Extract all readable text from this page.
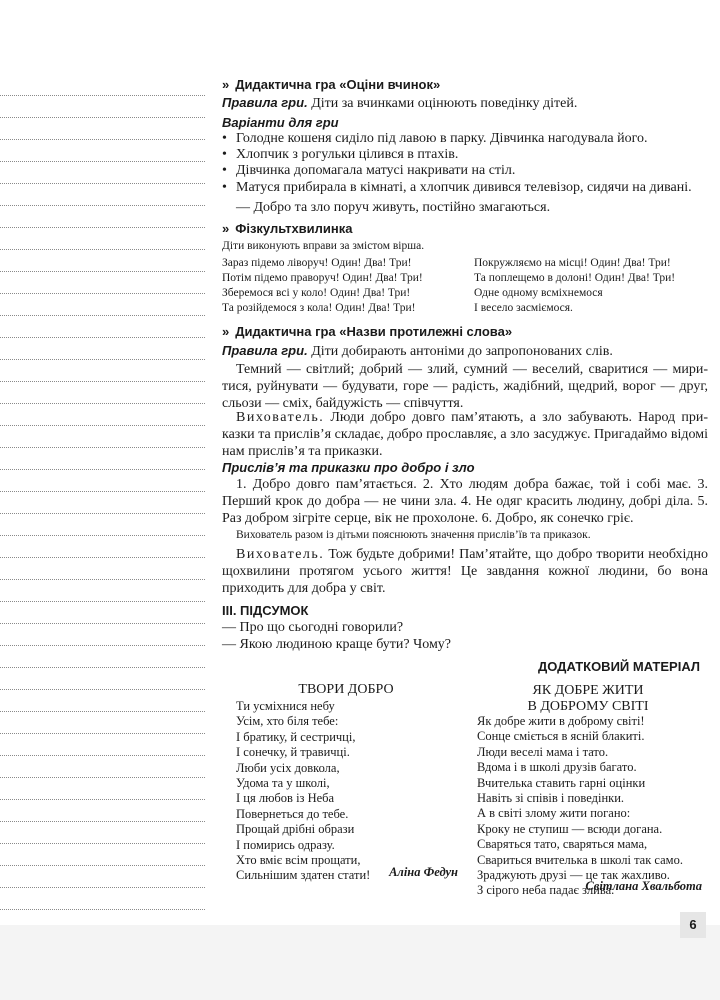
» Дидактична гра «Оціни вчинок»
Правила гри. Діти за вчинками оцінюють поведінку дітей.
Варіанти для гри
• Голодне кошеня сиділо під лавою в парку. Дівчинка нагодувала його.
• Хлопчик з рогульки цілився в птахів.
• Дівчинка допомагала матусі накривати на стіл.
• Матуся прибирала в кімнаті, а хлопчик дивився телевізор, сидячи на дивані.
— Добро та зло поруч живуть, постійно змагаються.
» Фізкультхвилинка
Діти виконують вправи за змістом вірша.
Зараз підемо ліворуч! Один! Два! Три!
Потім підемо праворуч! Один! Два! Три!
Зберемося всі у коло! Один! Два! Три!
Та розійдемося з кола! Один! Два! Три!
Покружляємо на місці! Один! Два! Три!
Та поплещемо в долоні! Один! Два! Три!
Одне одному всміхнемося
І весело засміємося.
» Дидактична гра «Назви протилежні слова»
Правила гри. Діти добирають антоніми до запропонованих слів.
Темний — світлий; добрий — злий, сумний — веселий, сваритися — миритися, руйнувати — будувати, горе — радість, жадібний, щедрий, ворог — друг, сльози — сміх, байдужість — співчуття.
Вихователь. Люди добро довго пам’ятають, а зло забувають. Народ приказки та прислів’я складає, добро прославляє, а зло засуджує. Пригадаймо відомі нам прислів’я та приказки.
Прислів’я та приказки про добро і зло
1. Добро довго пам’ятається. 2. Хто людям добра бажає, той і собі має. 3. Перший крок до добра — не чини зла. 4. Не одяг красить людину, добрі діла. 5. Раз добром зігріте серце, вік не прохолоне. 6. Добро, як сонечко гріє.
Вихователь разом із дітьми пояснюють значення прислів’їв та приказок.
Вихователь. Тож будьте добрими! Пам’ятайте, що добро творити необхідно щохвилини протягом усього життя! Це завдання кожної людини, бо вона приходить для добра у світ.
ІІІ. ПІДСУМОК
— Про що сьогодні говорили?
— Якою людиною краще бути? Чому?
ДОДАТКОВИЙ МАТЕРІАЛ
ТВОРИ ДОБРО
Ти усміхнися небу
Усім, хто біля тебе:
І братику, й сестричці,
І сонечку, й травичці.
Люби усіх довкола,
Удома та у школі,
І ця любов із Неба
Повернеться до тебе.
Прощай дрібні образи
І помирись одразу.
Хто вміє всім прощати,
Сильнішим здатен стати!	Аліна Федун
ЯК ДОБРЕ ЖИТИ
В ДОБРОМУ СВІТІ
Як добре жити в доброму світі!
Сонце сміється в ясній блакиті.
Люди веселі мама і тато.
Вдома і в школі друзів багато.
Вчителька ставить гарні оцінки
Навіть зі співів і поведінки.
А в світі злому жити погано:
Кроку не ступиш — всюди догана.
Сваряться тато, сваряться мама,
Свариться вчителька в школі так само.
Зраджують друзі — це так жахливо.
З сірого неба падає злива.
Світлана Хвальбота
6
